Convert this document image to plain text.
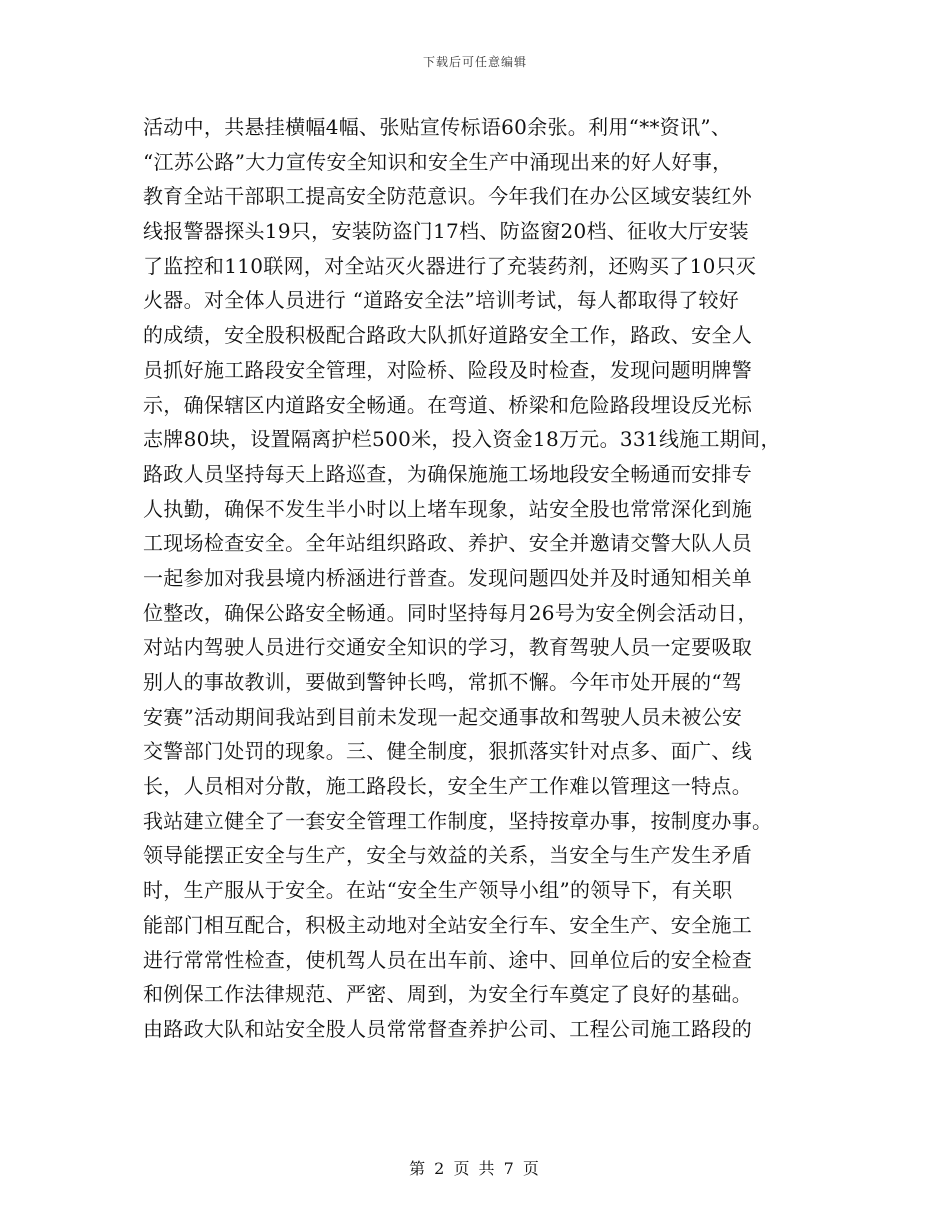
下载后可任意编辑
活动中，共悬挂横幅4幅、张贴宣传标语60余张。利用“**资讯”、
“江苏公路”大力宣传安全知识和安全生产中涌现出来的好人好事，
教育全站干部职工提高安全防范意识。今年我们在办公区域安装红外
线报警器探头19只，安装防盗门17档、防盗窗20档、征收大厅安装
了监控和110联网，对全站灭火器进行了充装药剂，还购买了10只灭
火器。对全体人员进行 “道路安全法”培训考试，每人都取得了较好
的成绩，安全股积极配合路政大队抓好道路安全工作，路政、安全人
员抓好施工路段安全管理，对险桥、险段及时检查，发现问题明牌警
示，确保辖区内道路安全畅通。在弯道、桥梁和危险路段埋设反光标
志牌80块，设置隔离护栏500米，投入资金18万元。331线施工期间，
路政人员坚持每天上路巡查，为确保施施工场地段安全畅通而安排专
人执勤，确保不发生半小时以上堵车现象，站安全股也常常深化到施
工现场检查安全。全年站组织路政、养护、安全并邀请交警大队人员
一起参加对我县境内桥涵进行普查。发现问题四处并及时通知相关单
位整改，确保公路安全畅通。同时坚持每月26号为安全例会活动日，
对站内驾驶人员进行交通安全知识的学习，教育驾驶人员一定要吸取
别人的事故教训，要做到警钟长鸣，常抓不懈。今年市处开展的“驾
安赛”活动期间我站到目前未发现一起交通事故和驾驶人员未被公安
交警部门处罚的现象。三、健全制度，狠抓落实针对点多、面广、线
长，人员相对分散，施工路段长，安全生产工作难以管理这一特点。
我站建立健全了一套安全管理工作制度，坚持按章办事，按制度办事。
领导能摆正安全与生产，安全与效益的关系，当安全与生产发生矛盾
时，生产服从于安全。在站“安全生产领导小组”的领导下，有关职
能部门相互配合，积极主动地对全站安全行车、安全生产、安全施工
进行常常性检查，使机驾人员在出车前、途中、回单位后的安全检查
和例保工作法律规范、严密、周到，为安全行车奠定了良好的基础。
由路政大队和站安全股人员常常督查养护公司、工程公司施工路段的
第 2 页 共 7 页
